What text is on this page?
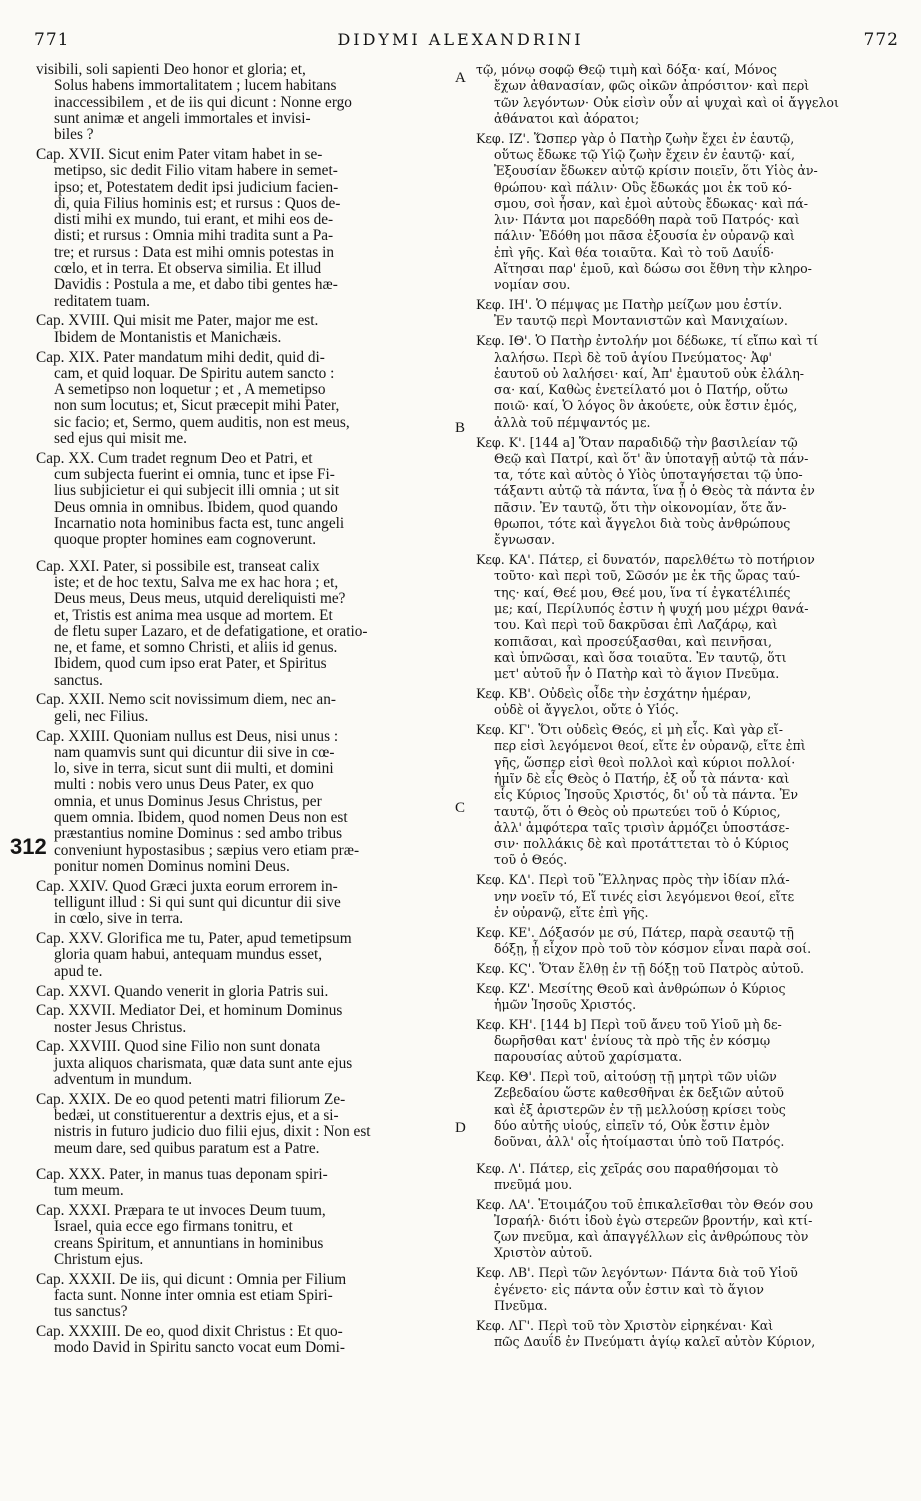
771	DIDYMI ALEXANDRINI	772
visibili, soli sapienti Deo honor et gloria; et,
Solus habens immortalitatem ; lucem habitans
inaccessibilem , et de iis qui dicunt : Nonne ergo
sunt animæ et angeli immortales et invisi-
biles ?
Cap. XVII. Sicut enim Pater vitam habet in se-
metipso, sic dedit Filio vitam habere in semet-
ipso; et, Potestatem dedit ipsi judicium facien-
di, quia Filius hominis est; et rursus : Quos de-
disti mihi ex mundo, tui erant, et mihi eos de-
disti; et rursus : Omnia mihi tradita sunt a Pa-
tre; et rursus : Data est mihi omnis potestas in
cœlo, et in terra. Et observa similia. Et illud
Davidis : Postula a me, et dabo tibi gentes hæ-
reditatem tuam.
Cap. XVIII. Qui misit me Pater, major me est.
Ibidem de Montanistis et Manichæis.
Cap. XIX. Pater mandatum mihi dedit, quid di-
cam, et quid loquar. De Spiritu autem sancto :
A semetipso non loquetur ; et , A memetipso
non sum locutus; et, Sicut præcepit mihi Pater,
sic facio; et, Sermo, quem auditis, non est meus,
sed ejus qui misit me.
Cap. XX. Cum tradet regnum Deo et Patri, et
cum subjecta fuerint ei omnia, tunc et ipse Fi-
lius subjicietur ei qui subjecit illi omnia ; ut sit
Deus omnia in omnibus. Ibidem, quod quando
Incarnatio nota hominibus facta est, tunc angeli
quoque propter homines eam cognoverunt.
Cap. XXI. Pater, si possibile est, transeat calix
iste; et de hoc textu, Salva me ex hac hora ; et,
Deus meus, Deus meus, utquid dereliquisti me?
et, Tristis est anima mea usque ad mortem. Et
de fletu super Lazaro, et de defatigatione, et oratio-
ne, et fame, et somno Christi, et aliis id genus.
Ibidem, quod cum ipso erat Pater, et Spiritus
sanctus.
Cap. XXII. Nemo scit novissimum diem, nec an-
geli, nec Filius.
Cap. XXIII. Quoniam nullus est Deus, nisi unus :
nam quamvis sunt qui dicuntur dii sive in cœ-
lo, sive in terra, sicut sunt dii multi, et domini
multi : nobis vero unus Deus Pater, ex quo
omnia, et unus Dominus Jesus Christus, per
quem omnia. Ibidem, quod nomen Deus non est
præstantius nomine Dominus : sed ambo tribus
conveniunt hypostasibus ; sæpius vero etiam præ-
ponitur nomen Dominus nomini Deus.
Cap. XXIV. Quod Græci juxta eorum errorem in-
telligunt illud : Si qui sunt qui dicuntur dii sive
in cœlo, sive in terra.
Cap. XXV. Glorifica me tu, Pater, apud temetipsum
gloria quam habui, antequam mundus esset,
apud te.
Cap. XXVI. Quando venerit in gloria Patris sui.
Cap. XXVII. Mediator Dei, et hominum Dominus
noster Jesus Christus.
Cap. XXVIII. Quod sine Filio non sunt donata
juxta aliquos charismata, quæ data sunt ante ejus
adventum in mundum.
Cap. XXIX. De eo quod petenti matri filiorum Ze-
bedæi, ut constituerentur a dextris ejus, et a si-
nistris in futuro judicio duo filii ejus, dixit : Non est
meum dare, sed quibus paratum est a Patre.
Cap. XXX. Pater, in manus tuas deponam spiri-
tum meum.
Cap. XXXI. Præpara te ut invoces Deum tuum,
Israel, quia ecce ego firmans tonitru, et
creans Spiritum, et annuntians in hominibus
Christum ejus.
Cap. XXXII. De iis, qui dicunt : Omnia per Filium
facta sunt. Nonne inter omnia est etiam Spiri-
tus sanctus?
Cap. XXXIII. De eo, quod dixit Christus : Et quo-
modo David in Spiritu sancto vocat eum Domi-
τῷ, μόνῳ σοφῷ Θεῷ τιμὴ καὶ δόξα· καί, Μόνος
ἔχων ἀθανασίαν, φῶς οἰκῶν ἀπρόσιτον· καὶ περὶ
τῶν λεγόντων· Οὐκ εἰσὶν οὖν αἱ ψυχαὶ καὶ οἱ ἄγγελοι
ἀθάνατοι καὶ ἀόρατοι;
Κεφ. ΙΖ'. Ὥσπερ γὰρ ὁ Πατὴρ ζωὴν ἔχει ἐν ἑαυτῷ,
οὕτως ἔδωκε τῷ Υἱῷ ζωὴν ἔχειν ἐν ἑαυτῷ· καί,
Ἐξουσίαν ἔδωκεν αὐτῷ κρίσιν ποιεῖν, ὅτι Υἱὸς ἀν-
θρώπου· καὶ πάλιν· Οὓς ἔδωκάς μοι ἐκ τοῦ κό-
σμου, σοὶ ἦσαν, καὶ ἐμοὶ αὐτοὺς ἔδωκας· καὶ πά-
λιν· Πάντα μοι παρεδόθη παρὰ τοῦ Πατρός· καὶ
πάλιν· Ἐδόθη μοι πᾶσα ἐξουσία ἐν οὐρανῷ καὶ
ἐπὶ γῆς. Καὶ θέα τοιαῦτα. Καὶ τὸ τοῦ Δαυΐδ·
Αἴτησαι παρ' ἐμοῦ, καὶ δώσω σοι ἔθνη τὴν κληρο-
νομίαν σου.
Κεφ. ΙΗ'. Ὁ πέμψας με Πατὴρ μείζων μου ἐστίν.
Ἐν ταυτῷ περὶ Μοντανιστῶν καὶ Μανιχαίων.
Κεφ. ΙΘ'. Ὁ Πατὴρ ἐντολήν μοι δέδωκε, τί εἴπω καὶ τί
λαλήσω. Περὶ δὲ τοῦ ἁγίου Πνεύματος· Ἀφ'
ἑαυτοῦ οὐ λαλήσει· καί, Ἀπ' ἐμαυτοῦ οὐκ ἐλάλη-
σα· καί, Καθὼς ἐνετείλατό μοι ὁ Πατήρ, οὕτω
ποιῶ· καί, Ὁ λόγος ὃν ἀκούετε, οὐκ ἔστιν ἐμός,
ἀλλὰ τοῦ πέμψαντός με.
Κεφ. Κ'. [144 a] Ὅταν παραδιδῷ τὴν βασιλείαν τῷ
Θεῷ καὶ Πατρί, καὶ ὅτ' ἂν ὑποταγῇ αὐτῷ τὰ πάν-
τα, τότε καὶ αὐτὸς ὁ Υἱὸς ὑποταγήσεται τῷ ὑπο-
τάξαντι αὐτῷ τὰ πάντα, ἵνα ᾖ ὁ Θεὸς τὰ πάντα ἐν
πᾶσιν. Ἐν ταυτῷ, ὅτι τὴν οἰκονομίαν, ὅτε ἄν-
θρωποι, τότε καὶ ἄγγελοι διὰ τοὺς ἀνθρώπους
ἔγνωσαν.
Κεφ. ΚΑ'. Πάτερ, εἰ δυνατόν, παρελθέτω τὸ ποτήριον
τοῦτο· καὶ περὶ τοῦ, Σῶσόν με ἐκ τῆς ὥρας ταύ-
της· καί, Θεέ μου, Θεέ μου, ἵνα τί ἐγκατέλιπές
με; καί, Περίλυπός ἐστιν ἡ ψυχή μου μέχρι θανά-
του. Καὶ περὶ τοῦ δακρῦσαι ἐπὶ Λαζάρῳ, καὶ
κοπιᾶσαι, καὶ προσεύξασθαι, καὶ πεινῆσαι,
καὶ ὑπνῶσαι, καὶ ὅσα τοιαῦτα. Ἐν ταυτῷ, ὅτι
μετ' αὐτοῦ ἦν ὁ Πατὴρ καὶ τὸ ἅγιον Πνεῦμα.
Κεφ. ΚΒ'. Οὐδεὶς οἶδε τὴν ἐσχάτην ἡμέραν,
οὐδὲ οἱ ἄγγελοι, οὔτε ὁ Υἱός.
Κεφ. ΚΓ'. Ὅτι οὐδεὶς Θεός, εἰ μὴ εἷς. Καὶ γὰρ εἴ-
περ εἰσὶ λεγόμενοι θεοί, εἴτε ἐν οὐρανῷ, εἴτε ἐπὶ
γῆς, ὥσπερ εἰσὶ θεοὶ πολλοὶ καὶ κύριοι πολλοί·
ἡμῖν δὲ εἷς Θεὸς ὁ Πατήρ, ἐξ οὗ τὰ πάντα· καὶ
εἷς Κύριος Ἰησοῦς Χριστός, δι' οὗ τὰ πάντα. Ἐν
ταυτῷ, ὅτι ὁ Θεὸς οὐ πρωτεύει τοῦ ὁ Κύριος,
ἀλλ' ἀμφότερα ταῖς τρισὶν ἁρμόζει ὑποστάσε-
σιν· πολλάκις δὲ καὶ προτάττεται τὸ ὁ Κύριος
τοῦ ὁ Θεός.
Κεφ. ΚΔ'. Περὶ τοῦ Ἕλληνας πρὸς τὴν ἰδίαν πλά-
νην νοεῖν τό, Εἴ τινές εἰσι λεγόμενοι θεοί, εἴτε
ἐν οὐρανῷ, εἴτε ἐπὶ γῆς.
Κεφ. ΚΕ'. Δόξασόν με σύ, Πάτερ, παρὰ σεαυτῷ τῇ
δόξῃ, ᾗ εἶχον πρὸ τοῦ τὸν κόσμον εἶναι παρὰ σοί.
Κεφ. ΚϚ'. Ὅταν ἔλθῃ ἐν τῇ δόξῃ τοῦ Πατρὸς αὐτοῦ.
Κεφ. ΚΖ'. Μεσίτης Θεοῦ καὶ ἀνθρώπων ὁ Κύριος
ἡμῶν Ἰησοῦς Χριστός.
Κεφ. ΚΗ'. [144 b] Περὶ τοῦ ἄνευ τοῦ Υἱοῦ μὴ δε-
δωρῆσθαι κατ' ἐνίους τὰ πρὸ τῆς ἐν κόσμῳ
παρουσίας αὐτοῦ χαρίσματα.
Κεφ. ΚΘ'. Περὶ τοῦ, αἰτούσῃ τῇ μητρὶ τῶν υἱῶν
Ζεβεδαίου ὥστε καθεσθῆναι ἐκ δεξιῶν αὐτοῦ
καὶ ἐξ ἀριστερῶν ἐν τῇ μελλούσῃ κρίσει τοὺς
δύο αὐτῆς υἱούς, εἰπεῖν τό, Οὐκ ἔστιν ἐμὸν
δοῦναι, ἀλλ' οἷς ἡτοίμασται ὑπὸ τοῦ Πατρός.
Κεφ. Λ'. Πάτερ, εἰς χεῖράς σου παραθήσομαι τὸ
πνεῦμά μου.
Κεφ. ΛΑ'. Ἑτοιμάζου τοῦ ἐπικαλεῖσθαι τὸν Θεόν σου
Ἰσραήλ· διότι ἰδοὺ ἐγὼ στερεῶν βροντήν, καὶ κτί-
ζων πνεῦμα, καὶ ἀπαγγέλλων εἰς ἀνθρώπους τὸν
Χριστὸν αὐτοῦ.
Κεφ. ΛΒ'. Περὶ τῶν λεγόντων· Πάντα διὰ τοῦ Υἱοῦ
ἐγένετο· εἰς πάντα οὖν ἐστιν καὶ τὸ ἅγιον
Πνεῦμα.
Κεφ. ΛΓ'. Περὶ τοῦ τὸν Χριστὸν εἰρηκέναι· Καὶ
πῶς Δαυΐδ ἐν Πνεύματι ἁγίῳ καλεῖ αὐτὸν Κύριον,
A
B
C
D
312
